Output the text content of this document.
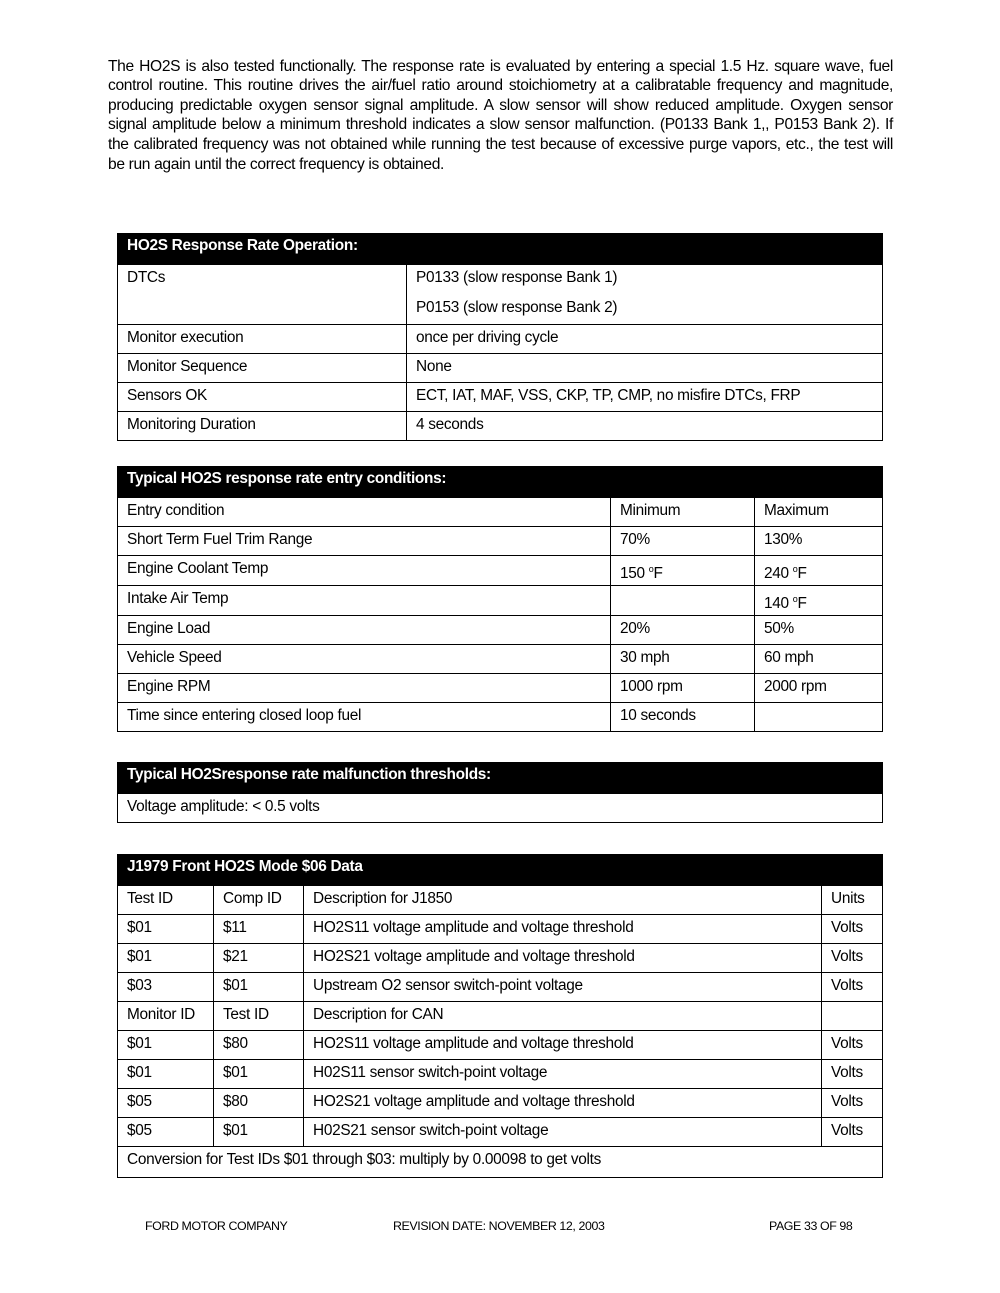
The HO2S is also tested functionally. The response rate is evaluated by entering a special 1.5 Hz. square wave, fuel control routine. This routine drives the air/fuel ratio around stoichiometry at a calibratable frequency and magnitude, producing predictable oxygen sensor signal amplitude. A slow sensor will show reduced amplitude. Oxygen sensor signal amplitude below a minimum threshold indicates a slow sensor malfunction. (P0133 Bank 1,, P0153 Bank 2). If the calibrated frequency was not obtained while running the test because of excessive purge vapors, etc., the test will be run again until the correct frequency is obtained.

HO2S Response Rate Operation:	
DTCs	P0133 (slow response Bank 1)
P0153 (slow response Bank 2)

Monitor execution	once per driving cycle
Monitor Sequence	None
Sensors OK	ECT, IAT, MAF, VSS, CKP, TP, CMP, no misfire DTCs, FRP
Monitoring Duration	4 seconds
Typical HO2S response rate entry conditions:		
Entry condition	Minimum	Maximum
Short Term Fuel Trim Range	70%	130%
Engine Coolant Temp	150 $^o$F	240 $^o$F
Intake Air Temp		140 $^o$F
Engine Load	20%	50%
Vehicle Speed	30 mph	60 mph
Engine RPM	1000 rpm	2000 rpm
Time since entering closed loop fuel	10 seconds	
Typical HO2Sresponse rate malfunction thresholds:
Voltage amplitude: < 0.5 volts
J1979 Front HO2S Mode $06 Data			
Test ID	Comp ID	Description for J1850	Units
$01	$11	HO2S11 voltage amplitude and voltage threshold	Volts
$01	$21	HO2S21 voltage amplitude and voltage threshold	Volts
$03	$01	Upstream O2 sensor switch-point voltage	Volts
Monitor ID	Test ID	Description for CAN	
$01	$80	HO2S11 voltage amplitude and voltage threshold	Volts
$01	$01	H02S11 sensor switch-point voltage	Volts
$05	$80	HO2S21 voltage amplitude and voltage threshold	Volts
$05	$01	H02S21 sensor switch-point voltage	Volts
Conversion for Test IDs $01 through $03: multiply by 0.00098 to get volts			
FORD MOTOR COMPANY	REVISION DATE: NOVEMBER 12, 2003	PAGE 33 OF 98
